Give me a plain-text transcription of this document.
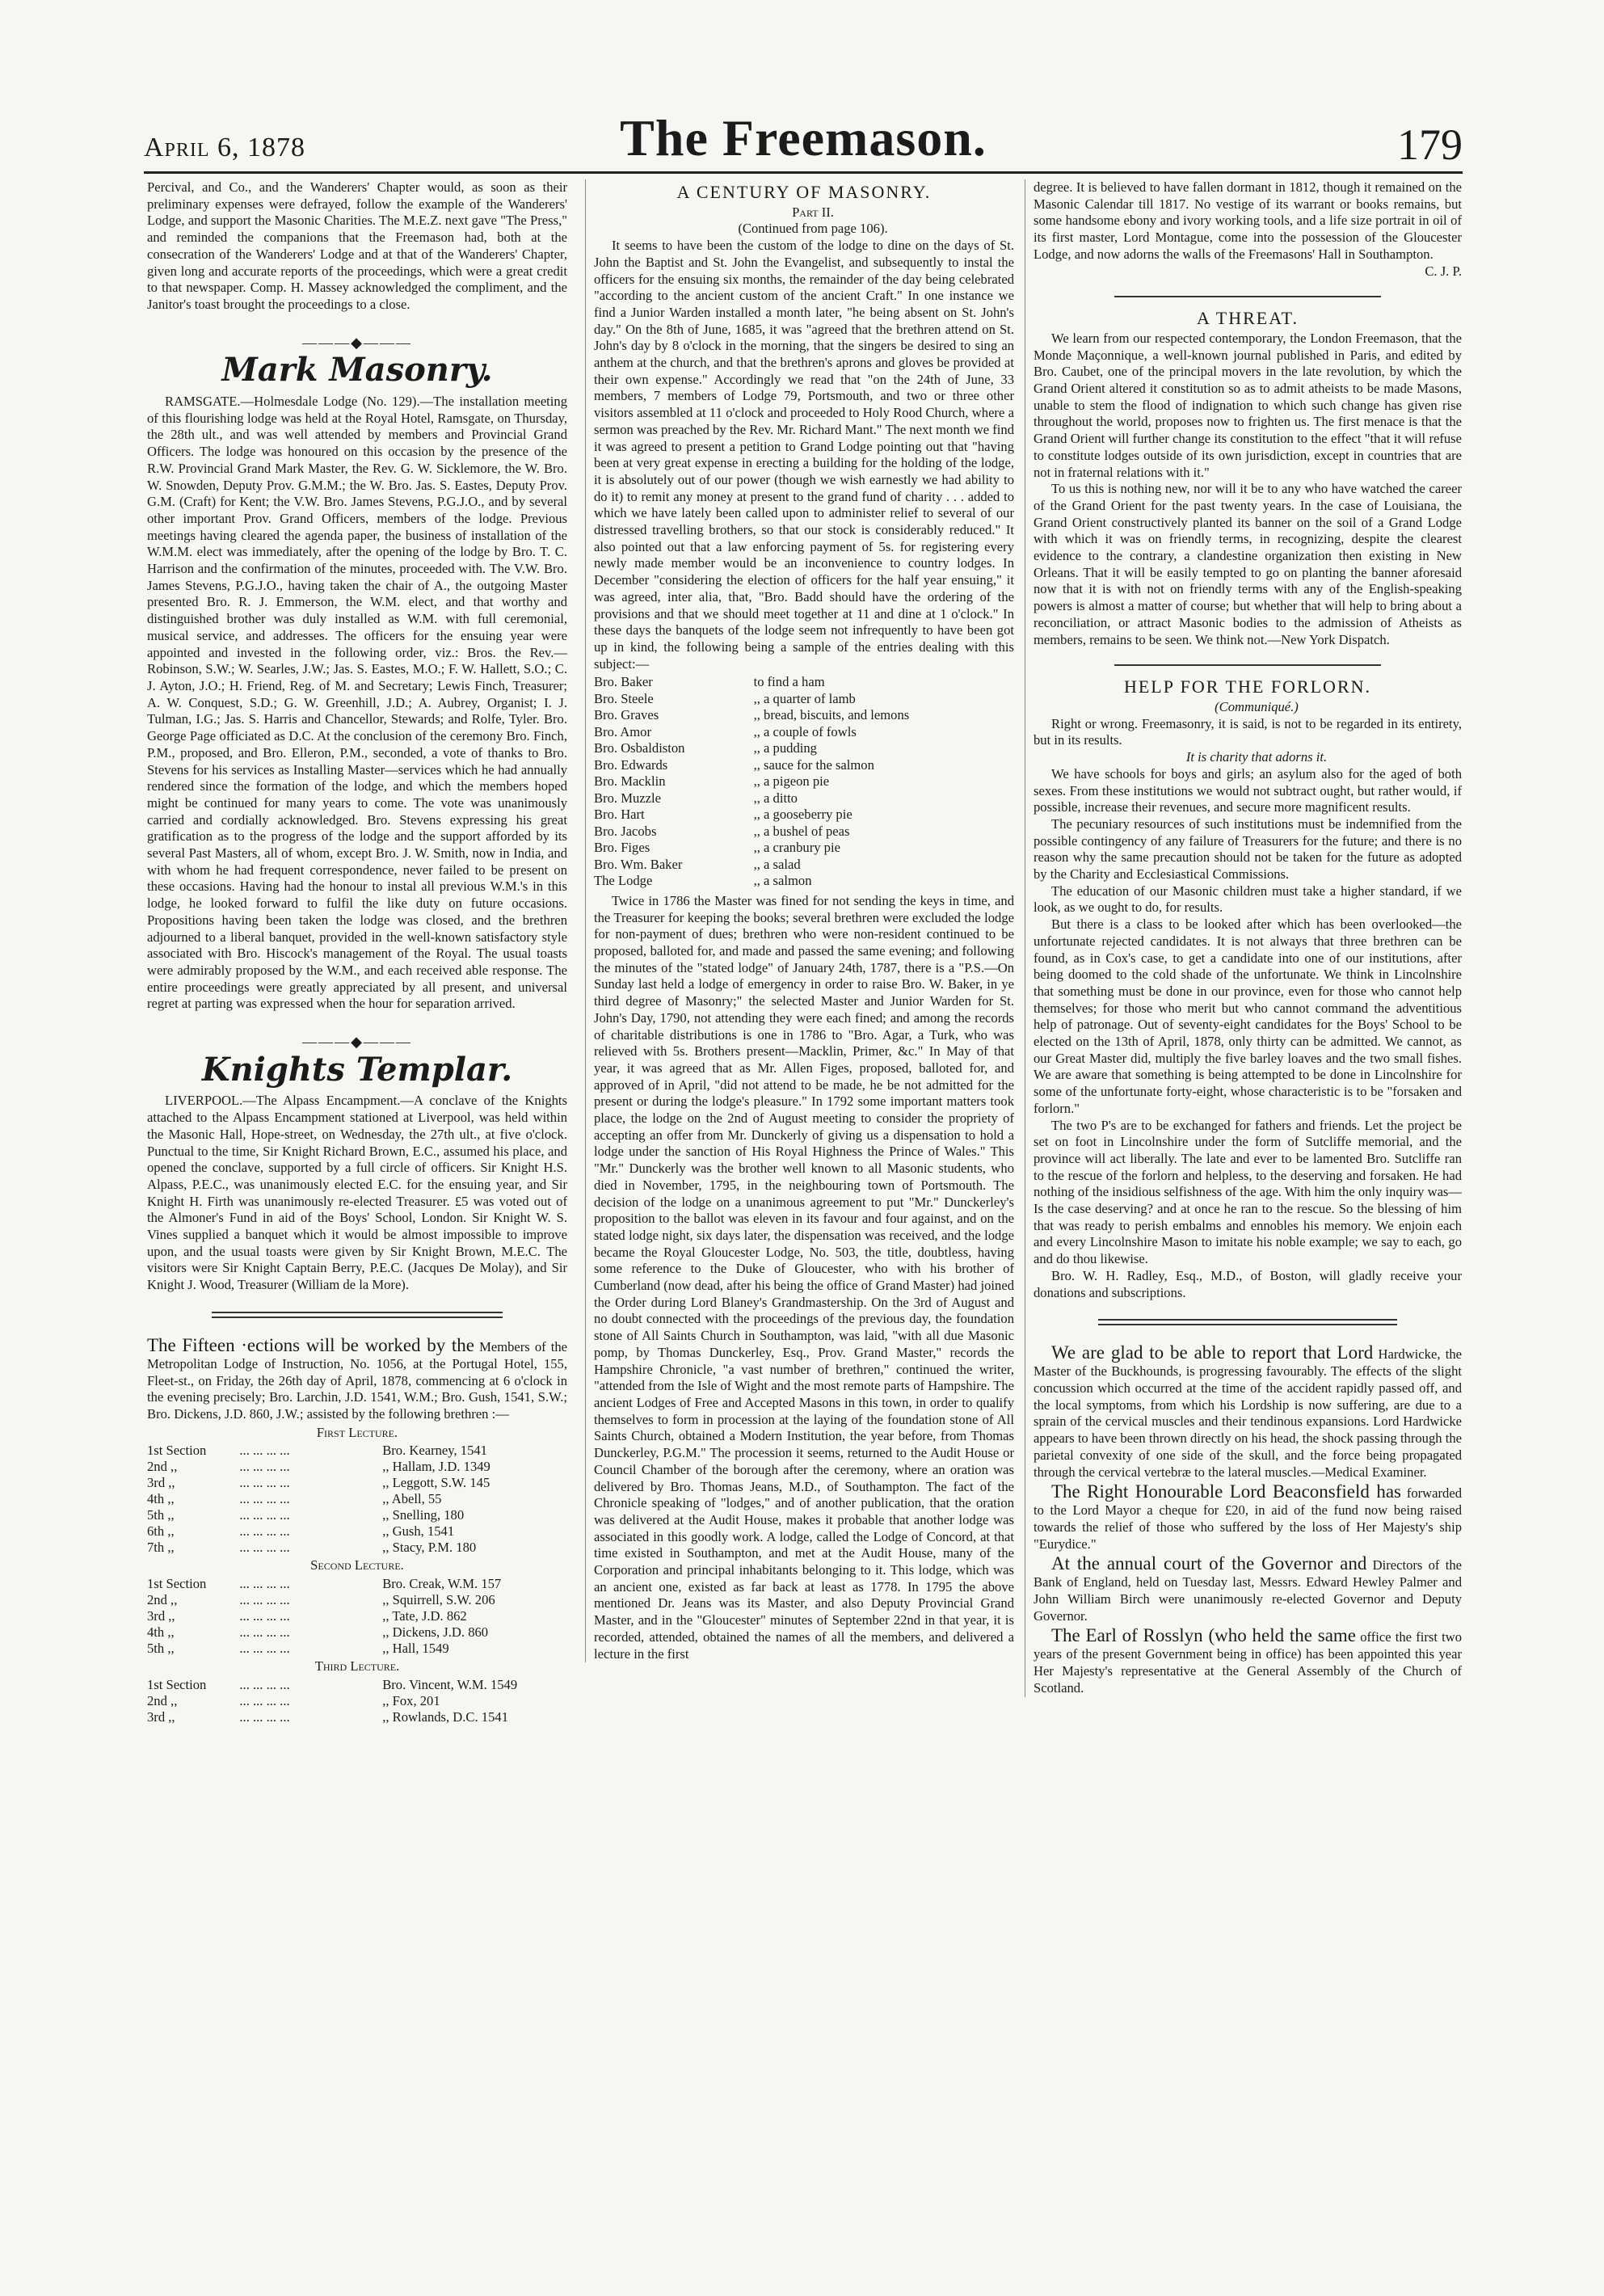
April 6, 1878	The Freemason.	179

Percival, and Co., and the Wanderers' Chapter would, as soon as their preliminary expenses were defrayed, follow the example of the Wanderers' Lodge, and support the Masonic Charities. The M.E.Z. next gave "The Press," and reminded the companions that the Freemason had, both at the consecration of the Wanderers' Lodge and at that of the Wanderers' Chapter, given long and accurate reports of the proceedings, which were a great credit to that newspaper. Comp. H. Massey acknowledged the compliment, and the Janitor's toast brought the proceedings to a close.

———◆———
Mark Masonry.

RAMSGATE.—Holmesdale Lodge (No. 129).—The installation meeting of this flourishing lodge was held at the Royal Hotel, Ramsgate, on Thursday, the 28th ult., and was well attended by members and Provincial Grand Officers. The lodge was honoured on this occasion by the presence of the R.W. Provincial Grand Mark Master, the Rev. G. W. Sicklemore, the W. Bro. W. Snowden, Deputy Prov. G.M.M.; the W. Bro. Jas. S. Eastes, Deputy Prov. G.M. (Craft) for Kent; the V.W. Bro. James Stevens, P.G.J.O., and by several other important Prov. Grand Officers, members of the lodge. Previous meetings having cleared the agenda paper, the business of installation of the W.M.M. elect was immediately, after the opening of the lodge by Bro. T. C. Harrison and the confirmation of the minutes, proceeded with. The V.W. Bro. James Stevens, P.G.J.O., having taken the chair of A., the outgoing Master presented Bro. R. J. Emmerson, the W.M. elect, and that worthy and distinguished brother was duly installed as W.M. with full ceremonial, musical service, and addresses. The officers for the ensuing year were appointed and invested in the following order, viz.: Bros. the Rev.—Robinson, S.W.; W. Searles, J.W.; Jas. S. Eastes, M.O.; F. W. Hallett, S.O.; C. J. Ayton, J.O.; H. Friend, Reg. of M. and Secretary; Lewis Finch, Treasurer; A. W. Conquest, S.D.; G. W. Greenhill, J.D.; A. Aubrey, Organist; I. J. Tulman, I.G.; Jas. S. Harris and Chancellor, Stewards; and Rolfe, Tyler. Bro. George Page officiated as D.C. At the conclusion of the ceremony Bro. Finch, P.M., proposed, and Bro. Elleron, P.M., seconded, a vote of thanks to Bro. Stevens for his services as Installing Master—services which he had annually rendered since the formation of the lodge, and which the members hoped might be continued for many years to come. The vote was unanimously carried and cordially acknowledged. Bro. Stevens expressing his great gratification as to the progress of the lodge and the support afforded by its several Past Masters, all of whom, except Bro. J. W. Smith, now in India, and with whom he had frequent correspondence, never failed to be present on these occasions. Having had the honour to instal all previous W.M.'s in this lodge, he looked forward to fulfil the like duty on future occasions. Propositions having been taken the lodge was closed, and the brethren adjourned to a liberal banquet, provided in the well-known satisfactory style associated with Bro. Hiscock's management of the Royal. The usual toasts were admirably proposed by the W.M., and each received able response. The entire proceedings were greatly appreciated by all present, and universal regret at parting was expressed when the hour for separation arrived.

———◆———
Knights Templar.

LIVERPOOL.—The Alpass Encampment.—A conclave of the Knights attached to the Alpass Encampment stationed at Liverpool, was held within the Masonic Hall, Hope-street, on Wednesday, the 27th ult., at five o'clock. Punctual to the time, Sir Knight Richard Brown, E.C., assumed his place, and opened the conclave, supported by a full circle of officers. Sir Knight H.S. Alpass, P.E.C., was unanimously elected E.C. for the ensuing year, and Sir Knight H. Firth was unanimously re-elected Treasurer. £5 was voted out of the Almoner's Fund in aid of the Boys' School, London. Sir Knight W. S. Vines supplied a banquet which it would be almost impossible to improve upon, and the usual toasts were given by Sir Knight Brown, M.E.C. The visitors were Sir Knight Captain Berry, P.E.C. (Jacques De Molay), and Sir Knight J. Wood, Treasurer (William de la More).

The Fifteen ·ections will be worked by the Members of the Metropolitan Lodge of Instruction, No. 1056, at the Portugal Hotel, 155, Fleet-st., on Friday, the 26th day of April, 1878, commencing at 6 o'clock in the evening precisely; Bro. Larchin, J.D. 1541, W.M.; Bro. Gush, 1541, S.W.; Bro. Dickens, J.D. 860, J.W.; assisted by the following brethren :—

First Lecture.
1st Section	... ... ... ...	Bro. Kearney, 1541
2nd ,,	... ... ... ...	,, Hallam, J.D. 1349
3rd ,,	... ... ... ...	,, Leggott, S.W. 145
4th ,,	... ... ... ...	,, Abell, 55
5th ,,	... ... ... ...	,, Snelling, 180
6th ,,	... ... ... ...	,, Gush, 1541
7th ,,	... ... ... ...	,, Stacy, P.M. 180
Second Lecture.
1st Section	... ... ... ...	Bro. Creak, W.M. 157
2nd ,,	... ... ... ...	,, Squirrell, S.W. 206
3rd ,,	... ... ... ...	,, Tate, J.D. 862
4th ,,	... ... ... ...	,, Dickens, J.D. 860
5th ,,	... ... ... ...	,, Hall, 1549
Third Lecture.
1st Section	... ... ... ...	Bro. Vincent, W.M. 1549
2nd ,,	... ... ... ...	,, Fox, 201
3rd ,,	... ... ... ...	,, Rowlands, D.C. 1541
A CENTURY OF MASONRY.

Part II.

(Continued from page 106).

It seems to have been the custom of the lodge to dine on the days of St. John the Baptist and St. John the Evangelist, and subsequently to instal the officers for the ensuing six months, the remainder of the day being celebrated "according to the ancient custom of the ancient Craft." In one instance we find a Junior Warden installed a month later, "he being absent on St. John's day." On the 8th of June, 1685, it was "agreed that the brethren attend on St. John's day by 8 o'clock in the morning, that the singers be desired to sing an anthem at the church, and that the brethren's aprons and gloves be provided at their own expense." Accordingly we read that "on the 24th of June, 33 members, 7 members of Lodge 79, Portsmouth, and two or three other visitors assembled at 11 o'clock and proceeded to Holy Rood Church, where a sermon was preached by the Rev. Mr. Richard Mant." The next month we find it was agreed to present a petition to Grand Lodge pointing out that "having been at very great expense in erecting a building for the holding of the lodge, it is absolutely out of our power (though we wish earnestly we had ability to do it) to remit any money at present to the grand fund of charity . . . added to which we have lately been called upon to administer relief to several of our distressed travelling brothers, so that our stock is considerably reduced." It also pointed out that a law enforcing payment of 5s. for registering every newly made member would be an inconvenience to country lodges. In December "considering the election of officers for the half year ensuing," it was agreed, inter alia, that, "Bro. Badd should have the ordering of the provisions and that we should meet together at 11 and dine at 1 o'clock." In these days the banquets of the lodge seem not infrequently to have been got up in kind, the following being a sample of the entries dealing with this subject:—

Bro. Baker	to find a ham
Bro. Steele	,, a quarter of lamb
Bro. Graves	,, bread, biscuits, and lemons
Bro. Amor	,, a couple of fowls
Bro. Osbaldiston	,, a pudding
Bro. Edwards	,, sauce for the salmon
Bro. Macklin	,, a pigeon pie
Bro. Muzzle	,, a ditto
Bro. Hart	,, a gooseberry pie
Bro. Jacobs	,, a bushel of peas
Bro. Figes	,, a cranbury pie
Bro. Wm. Baker	,, a salad
The Lodge	,, a salmon

Twice in 1786 the Master was fined for not sending the keys in time, and the Treasurer for keeping the books; several brethren were excluded the lodge for non-payment of dues; brethren who were non-resident continued to be proposed, balloted for, and made and passed the same evening; and following the minutes of the "stated lodge" of January 24th, 1787, there is a "P.S.—On Sunday last held a lodge of emergency in order to raise Bro. W. Baker, in ye third degree of Masonry;" the selected Master and Junior Warden for St. John's Day, 1790, not attending they were each fined; and among the records of charitable distributions is one in 1786 to "Bro. Agar, a Turk, who was relieved with 5s. Brothers present—Macklin, Primer, &c." In May of that year, it was agreed that as Mr. Allen Figes, proposed, balloted for, and approved of in April, "did not attend to be made, he be not admitted for the present or during the lodge's pleasure." In 1792 some important matters took place, the lodge on the 2nd of August meeting to consider the propriety of accepting an offer from Mr. Dunckerly of giving us a dispensation to hold a lodge under the sanction of His Royal Highness the Prince of Wales." This "Mr." Dunckerly was the brother well known to all Masonic students, who died in November, 1795, in the neighbouring town of Portsmouth. The decision of the lodge on a unanimous agreement to put "Mr." Dunckerley's proposition to the ballot was eleven in its favour and four against, and on the stated lodge night, six days later, the dispensation was received, and the lodge became the Royal Gloucester Lodge, No. 503, the title, doubtless, having some reference to the Duke of Gloucester, who with his brother of Cumberland (now dead, after his being the office of Grand Master) had joined the Order during Lord Blaney's Grandmastership. On the 3rd of August and no doubt connected with the proceedings of the previous day, the foundation stone of All Saints Church in Southampton, was laid, "with all due Masonic pomp, by Thomas Dunckerley, Esq., Prov. Grand Master," records the Hampshire Chronicle, "a vast number of brethren," continued the writer, "attended from the Isle of Wight and the most remote parts of Hampshire. The ancient Lodges of Free and Accepted Masons in this town, in order to qualify themselves to form in procession at the laying of the foundation stone of All Saints Church, obtained a Modern Institution, the year before, from Thomas Dunckerley, P.G.M." The procession it seems, returned to the Audit House or Council Chamber of the borough after the ceremony, where an oration was delivered by Bro. Thomas Jeans, M.D., of Southampton. The fact of the Chronicle speaking of "lodges," and of another publication, that the oration was delivered at the Audit House, makes it probable that another lodge was associated in this goodly work. A lodge, called the Lodge of Concord, at that time existed in Southampton, and met at the Audit House, many of the Corporation and principal inhabitants belonging to it. This lodge, which was an ancient one, existed as far back at least as 1778. In 1795 the above mentioned Dr. Jeans was its Master, and also Deputy Provincial Grand Master, and in the "Gloucester" minutes of September 22nd in that year, it is recorded, attended, obtained the names of all the members, and delivered a lecture in the first

degree. It is believed to have fallen dormant in 1812, though it remained on the Masonic Calendar till 1817. No vestige of its warrant or books remains, but some handsome ebony and ivory working tools, and a life size portrait in oil of its first master, Lord Montague, come into the possession of the Gloucester Lodge, and now adorns the walls of the Freemasons' Hall in Southampton.

C. J. P.

A THREAT.

We learn from our respected contemporary, the London Freemason, that the Monde Maçonnique, a well-known journal published in Paris, and edited by Bro. Caubet, one of the principal movers in the late revolution, by which the Grand Orient altered it constitution so as to admit atheists to be made Masons, unable to stem the flood of indignation to which such change has given rise throughout the world, proposes now to frighten us. The first menace is that the Grand Orient will further change its constitution to the effect "that it will refuse to constitute lodges outside of its own jurisdiction, except in countries that are not in fraternal relations with it."

To us this is nothing new, nor will it be to any who have watched the career of the Grand Orient for the past twenty years. In the case of Louisiana, the Grand Orient constructively planted its banner on the soil of a Grand Lodge with which it was on friendly terms, in recognizing, despite the clearest evidence to the contrary, a clandestine organization then existing in New Orleans. That it will be easily tempted to go on planting the banner aforesaid now that it is with not on friendly terms with any of the English-speaking powers is almost a matter of course; but whether that will help to bring about a reconciliation, or attract Masonic bodies to the admission of Atheists as members, remains to be seen. We think not.—New York Dispatch.

HELP FOR THE FORLORN.

(Communiqué.)

Right or wrong. Freemasonry, it is said, is not to be regarded in its entirety, but in its results.

It is charity that adorns it.

We have schools for boys and girls; an asylum also for the aged of both sexes. From these institutions we would not subtract ought, but rather would, if possible, increase their revenues, and secure more magnificent results.

The pecuniary resources of such institutions must be indemnified from the possible contingency of any failure of Treasurers for the future; and there is no reason why the same precaution should not be taken for the future as adopted by the Charity and Ecclesiastical Commissions.

The education of our Masonic children must take a higher standard, if we look, as we ought to do, for results.

But there is a class to be looked after which has been overlooked—the unfortunate rejected candidates. It is not always that three brethren can be found, as in Cox's case, to get a candidate into one of our institutions, after being doomed to the cold shade of the unfortunate. We think in Lincolnshire that something must be done in our province, even for those who cannot help themselves; for those who merit but who cannot command the adventitious help of patronage. Out of seventy-eight candidates for the Boys' School to be elected on the 13th of April, 1878, only thirty can be admitted. We cannot, as our Great Master did, multiply the five barley loaves and the two small fishes. We are aware that something is being attempted to be done in Lincolnshire for some of the unfortunate forty-eight, whose characteristic is to be "forsaken and forlorn."

The two P's are to be exchanged for fathers and friends. Let the project be set on foot in Lincolnshire under the form of Sutcliffe memorial, and the province will act liberally. The late and ever to be lamented Bro. Sutcliffe ran to the rescue of the forlorn and helpless, to the deserving and forsaken. He had nothing of the insidious selfishness of the age. With him the only inquiry was—Is the case deserving? and at once he ran to the rescue. So the blessing of him that was ready to perish embalms and ennobles his memory. We enjoin each and every Lincolnshire Mason to imitate his noble example; we say to each, go and do thou likewise.

Bro. W. H. Radley, Esq., M.D., of Boston, will gladly receive your donations and subscriptions.

We are glad to be able to report that Lord Hardwicke, the Master of the Buckhounds, is progressing favourably. The effects of the slight concussion which occurred at the time of the accident rapidly passed off, and the local symptoms, from which his Lordship is now suffering, are due to a sprain of the cervical muscles and their tendinous expansions. Lord Hardwicke appears to have been thrown directly on his head, the shock passing through the parietal convexity of one side of the skull, and the force being propagated through the cervical vertebræ to the lateral muscles.—Medical Examiner.

The Right Honourable Lord Beaconsfield has forwarded to the Lord Mayor a cheque for £20, in aid of the fund now being raised towards the relief of those who suffered by the loss of Her Majesty's ship "Eurydice."

At the annual court of the Governor and Directors of the Bank of England, held on Tuesday last, Messrs. Edward Hewley Palmer and John William Birch were unanimously re-elected Governor and Deputy Governor.

The Earl of Rosslyn (who held the same office the first two years of the present Government being in office) has been appointed this year Her Majesty's representative at the General Assembly of the Church of Scotland.
